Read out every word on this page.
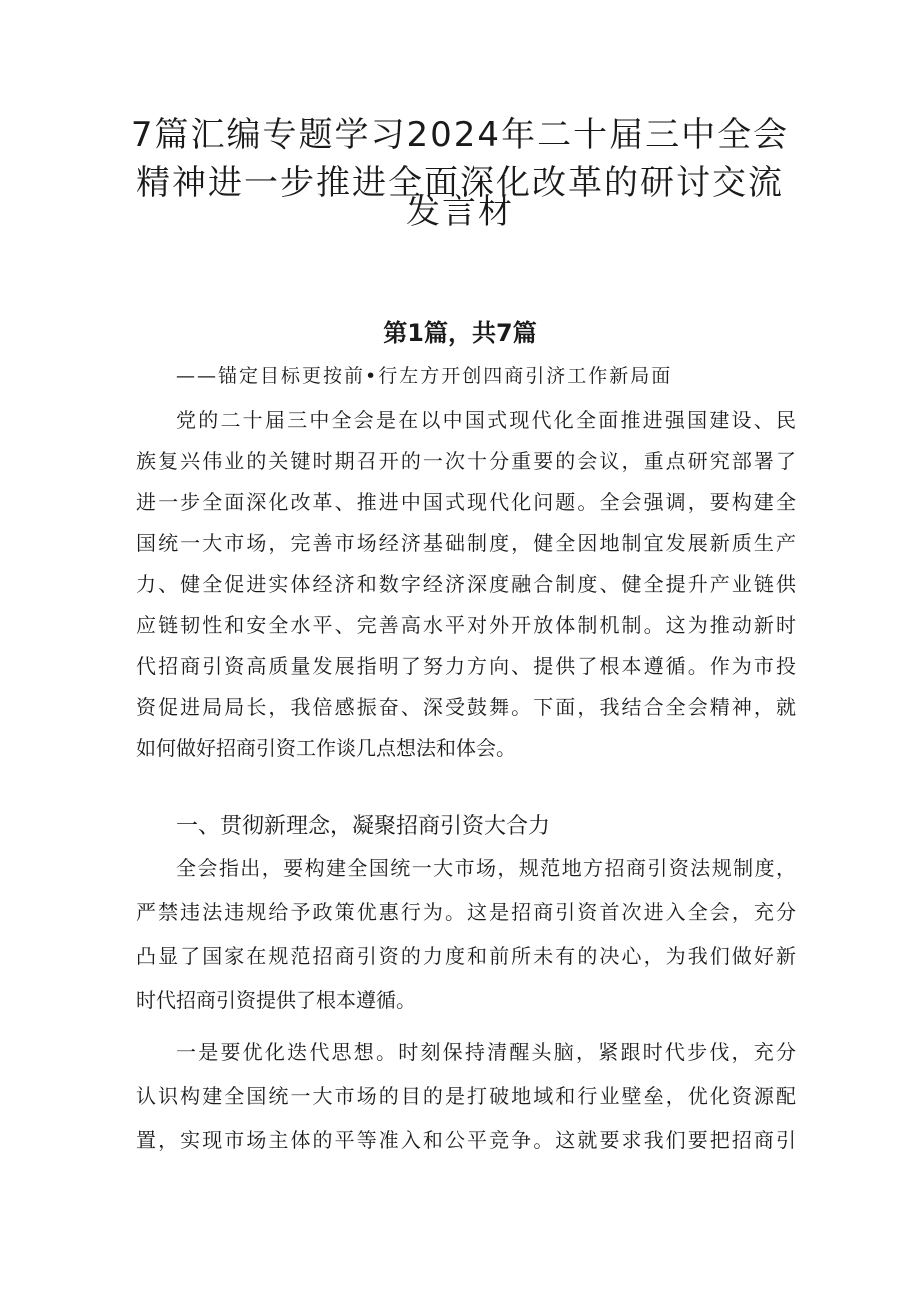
7篇汇编专题学习2024年二十届三中全会
精神进一步推进全面深化改革的研讨交流
发言材
第1篇，共7篇
——锚定目标更按前•行左方开创四商引济工作新局面
党的二十届三中全会是在以中国式现代化全面推进强国建设、民
族复兴伟业的关键时期召开的一次十分重要的会议，重点研究部署了
进一步全面深化改革、推进中国式现代化问题。全会强调，要构建全
国统一大市场，完善市场经济基础制度，健全因地制宜发展新质生产
力、健全促进实体经济和数字经济深度融合制度、健全提升产业链供
应链韧性和安全水平、完善高水平对外开放体制机制。这为推动新时
代招商引资高质量发展指明了努力方向、提供了根本遵循。作为市投
资促进局局长，我倍感振奋、深受鼓舞。下面，我结合全会精神，就
如何做好招商引资工作谈几点想法和体会。
一、贯彻新理念，凝聚招商引资大合力
全会指出，要构建全国统一大市场，规范地方招商引资法规制度，
严禁违法违规给予政策优惠行为。这是招商引资首次进入全会，充分
凸显了国家在规范招商引资的力度和前所未有的决心，为我们做好新
时代招商引资提供了根本遵循。
一是要优化迭代思想。时刻保持清醒头脑，紧跟时代步伐，充分
认识构建全国统一大市场的目的是打破地域和行业壁垒，优化资源配
置，实现市场主体的平等准入和公平竞争。这就要求我们要把招商引
